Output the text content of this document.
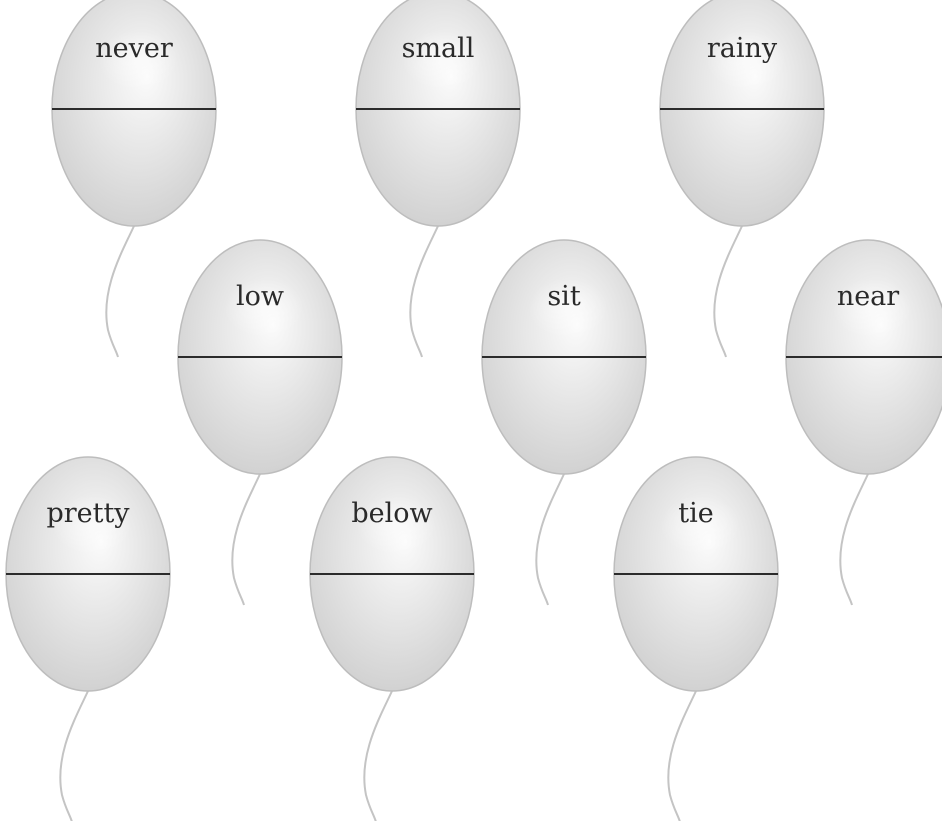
never	small	rainy
low	sit	near
pretty	below	tie
